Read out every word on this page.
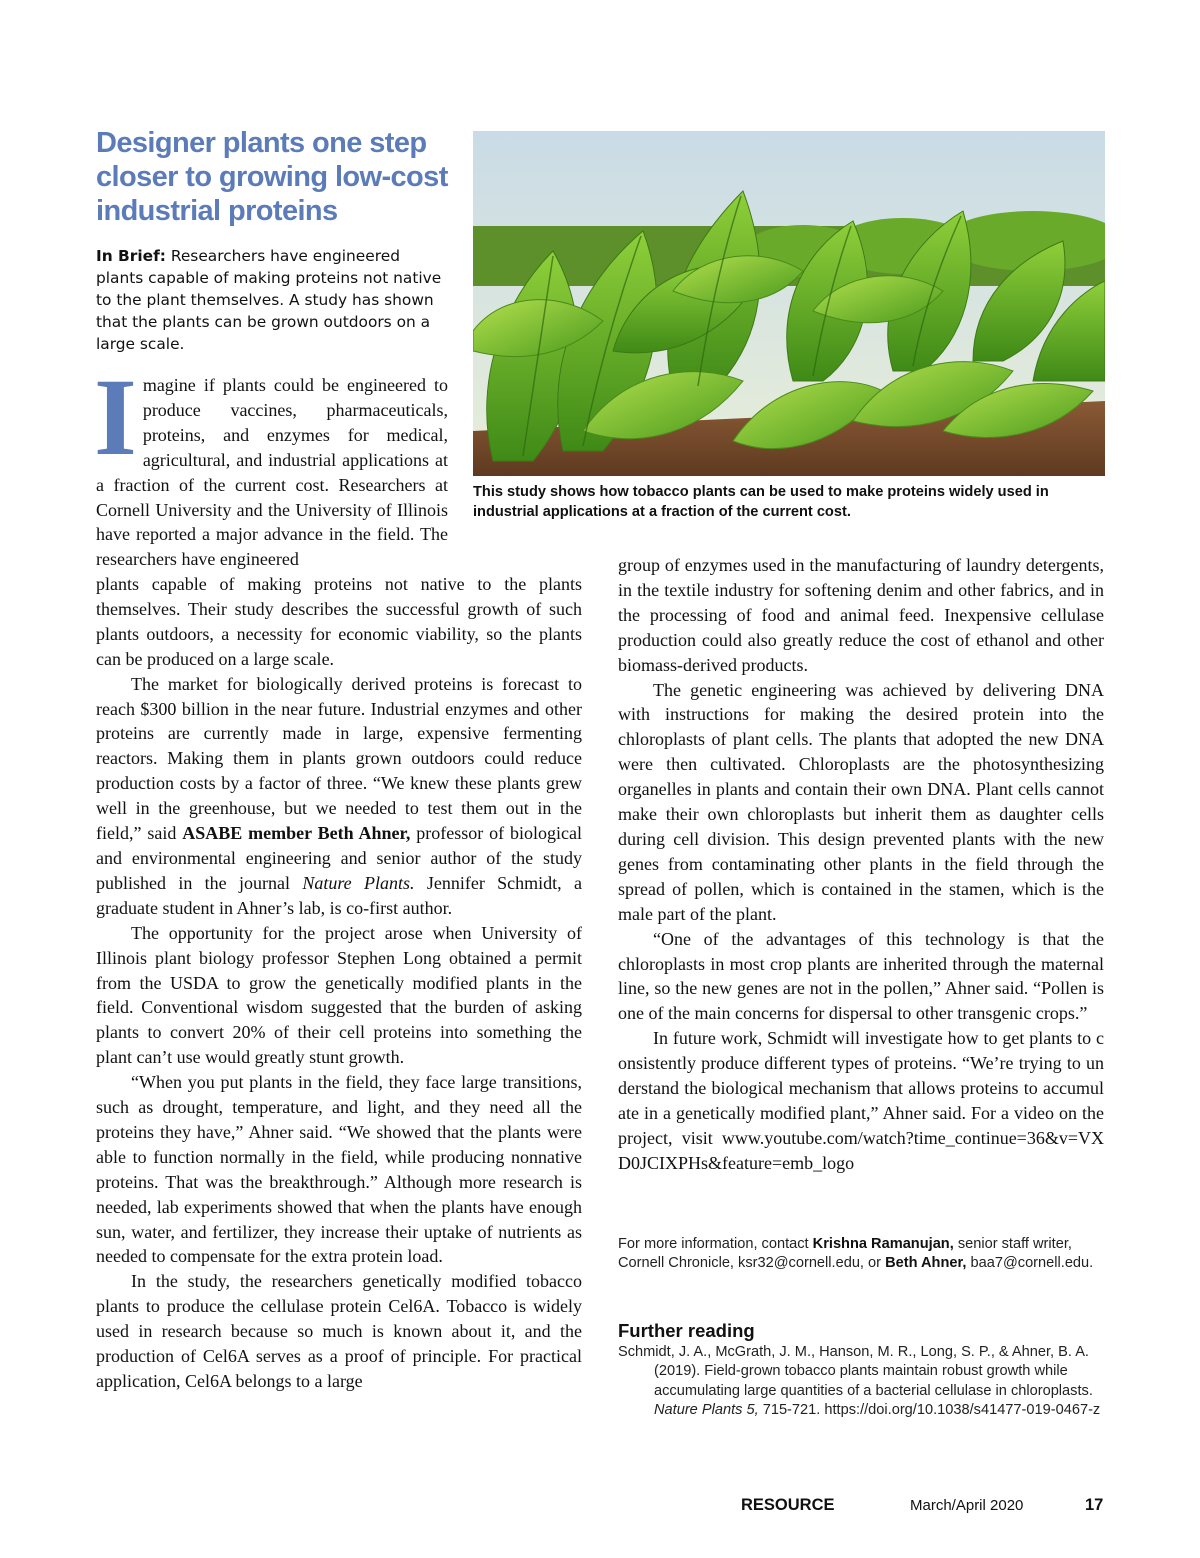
Designer plants one step closer to growing low-cost industrial proteins

In Brief: Researchers have engineered plants capable of making proteins not native to the plant themselves. A study has shown that the plants can be grown outdoors on a large scale.

This study shows how tobacco plants can be used to make proteins widely used in industrial applications at a fraction of the current cost.

Imagine if plants could be engineered to produce vaccines, pharmaceuticals, proteins, and enzymes for medical, agricultural, and industrial applications at a fraction of the current cost. Researchers at Cornell University and the University of Illinois have reported a major advance in the field. The researchers have engineered

plants capable of making proteins not native to the plants themselves. Their study describes the successful growth of such plants outdoors, a necessity for economic viability, so the plants can be produced on a large scale.

The market for biologically derived proteins is forecast to reach $300 billion in the near future. Industrial enzymes and other proteins are currently made in large, expensive fermenting reactors. Making them in plants grown outdoors could reduce production costs by a factor of three. “We knew these plants grew well in the greenhouse, but we needed to test them out in the field,” said ASABE member Beth Ahner, professor of biological and environmental engineering and senior author of the study published in the journal Nature Plants. Jennifer Schmidt, a graduate student in Ahner’s lab, is co-first author.

The opportunity for the project arose when University of Illinois plant biology professor Stephen Long obtained a permit from the USDA to grow the genetically modified plants in the field. Conventional wisdom suggested that the burden of asking plants to convert 20% of their cell proteins into something the plant can’t use would greatly stunt growth.

“When you put plants in the field, they face large transitions, such as drought, temperature, and light, and they need all the proteins they have,” Ahner said. “We showed that the plants were able to function normally in the field, while producing nonnative proteins. That was the breakthrough.” Although more research is needed, lab experiments showed that when the plants have enough sun, water, and fertilizer, they increase their uptake of nutrients as needed to compensate for the extra protein load.

In the study, the researchers genetically modified tobacco plants to produce the cellulase protein Cel6A. Tobacco is widely used in research because so much is known about it, and the production of Cel6A serves as a proof of principle. For practical application, Cel6A belongs to a large

group of enzymes used in the manufacturing of laundry detergents, in the textile industry for softening denim and other fabrics, and in the processing of food and animal feed. Inexpensive cellulase production could also greatly reduce the cost of ethanol and other biomass-derived products.

The genetic engineering was achieved by delivering DNA with instructions for making the desired protein into the chloroplasts of plant cells. The plants that adopted the new DNA were then cultivated. Chloroplasts are the photosynthesizing organelles in plants and contain their own DNA. Plant cells cannot make their own chloroplasts but inherit them as daughter cells during cell division. This design prevented plants with the new genes from contaminating other plants in the field through the spread of pollen, which is contained in the stamen, which is the male part of the plant.

“One of the advantages of this technology is that the chloroplasts in most crop plants are inherited through the maternal line, so the new genes are not in the pollen,” Ahner said. “Pollen is one of the main concerns for dispersal to other transgenic crops.”

In future work, Schmidt will investigate how to get plants to consistently produce different types of proteins. “We’re trying to understand the biological mechanism that allows proteins to accumulate in a genetically modified plant,” Ahner said. For a video on the project, visit www.youtube.com/watch?time_continue=36&v=VXD0JCIXPHs&feature=emb_logo

For more information, contact Krishna Ramanujan, senior staff writer, Cornell Chronicle, ksr32@cornell.edu, or Beth Ahner, baa7@cornell.edu.

Further reading

Schmidt, J. A., McGrath, J. M., Hanson, M. R., Long, S. P., & Ahner, B. A. (2019). Field-grown tobacco plants maintain robust growth while accumulating large quantities of a bacterial cellulase in chloroplasts. Nature Plants 5, 715-721. https://doi.org/10.1038/s41477-019-0467-z

RESOURCE	March/April 2020	17
